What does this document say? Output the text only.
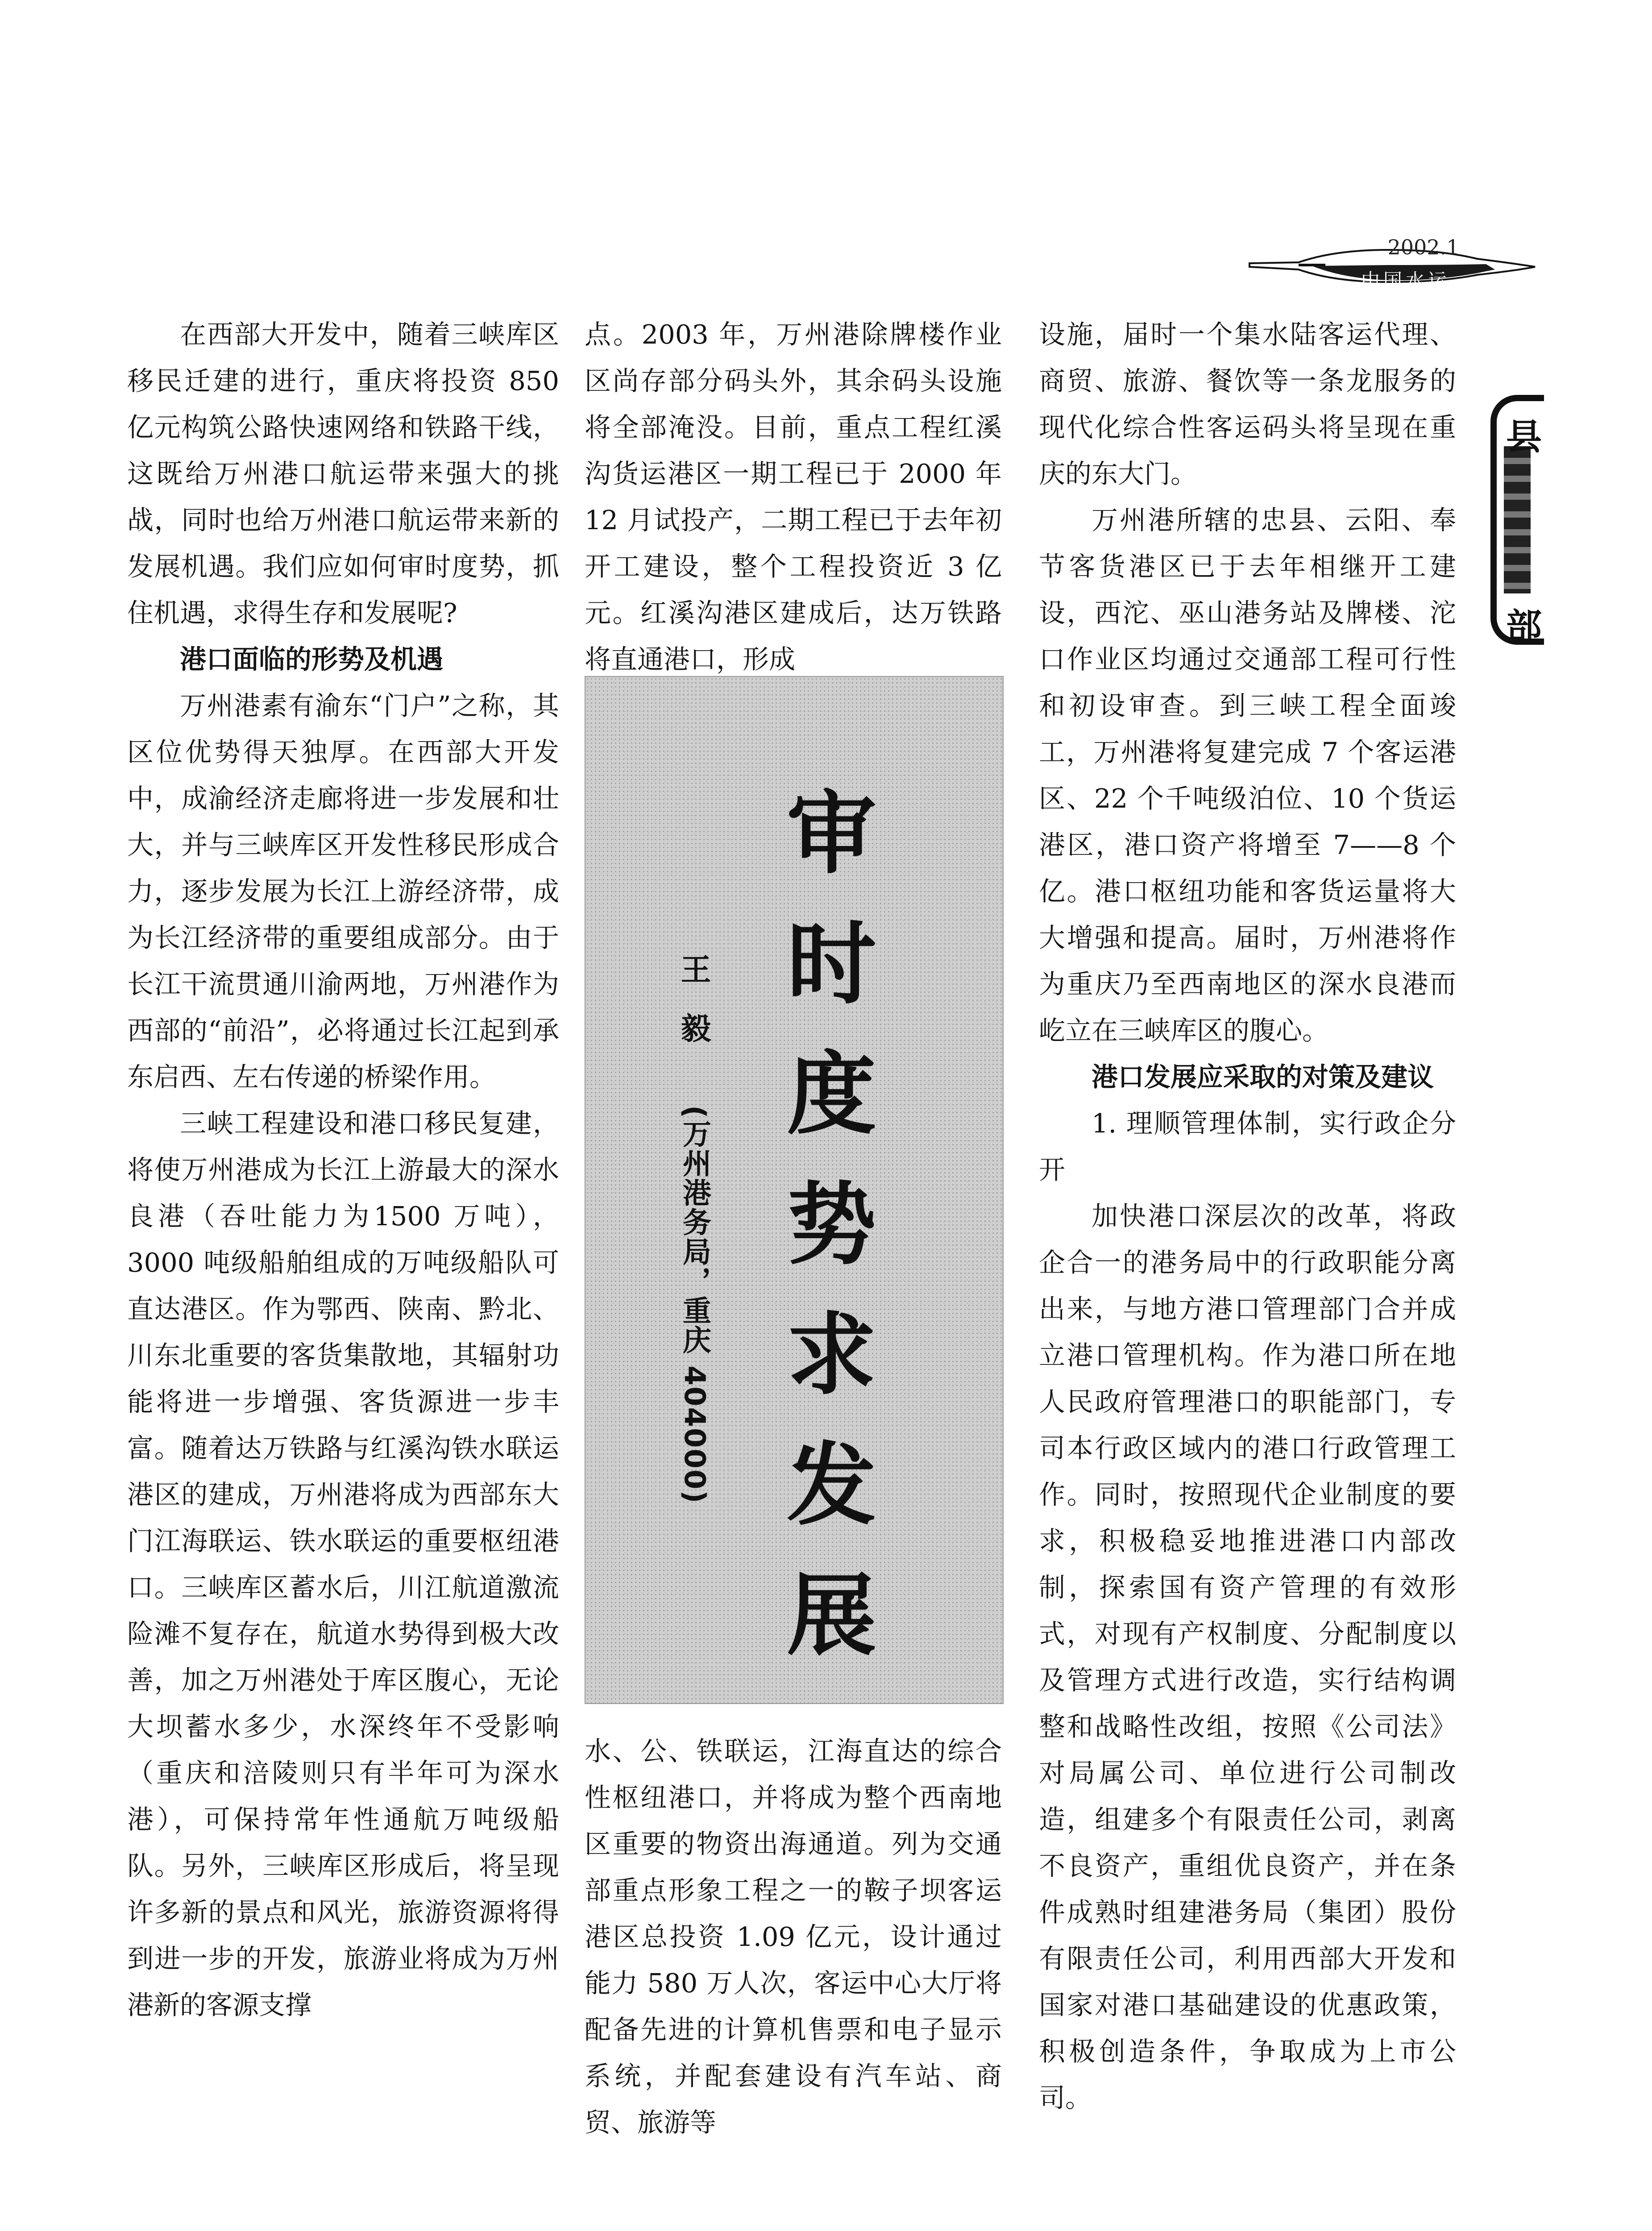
2002.1
中国水运
县
部

在西部大开发中，随着三峡库区移民迁建的进行，重庆将投资 850 亿元构筑公路快速网络和铁路干线，这既给万州港口航运带来强大的挑战，同时也给万州港口航运带来新的发展机遇。我们应如何审时度势，抓住机遇，求得生存和发展呢?

港口面临的形势及机遇

万州港素有渝东“门户”之称，其区位优势得天独厚。在西部大开发中，成渝经济走廊将进一步发展和壮大，并与三峡库区开发性移民形成合力，逐步发展为长江上游经济带，成为长江经济带的重要组成部分。由于长江干流贯通川渝两地，万州港作为西部的“前沿”，必将通过长江起到承东启西、左右传递的桥梁作用。

三峡工程建设和港口移民复建，将使万州港成为长江上游最大的深水良港（吞吐能力为1500 万吨），3000 吨级船舶组成的万吨级船队可直达港区。作为鄂西、陕南、黔北、川东北重要的客货集散地，其辐射功能将进一步增强、客货源进一步丰富。随着达万铁路与红溪沟铁水联运港区的建成，万州港将成为西部东大门江海联运、铁水联运的重要枢纽港口。三峡库区蓄水后，川江航道激流险滩不复存在，航道水势得到极大改善，加之万州港处于库区腹心，无论大坝蓄水多少，水深终年不受影响（重庆和涪陵则只有半年可为深水港），可保持常年性通航万吨级船队。另外，三峡库区形成后，将呈现许多新的景点和风光，旅游资源将得到进一步的开发，旅游业将成为万州港新的客源支撑

点。2003 年，万州港除牌楼作业区尚存部分码头外，其余码头设施将全部淹没。目前，重点工程红溪沟货运港区一期工程已于 2000 年 12 月试投产，二期工程已于去年初开工建设，整个工程投资近 3 亿元。红溪沟港区建成后，达万铁路将直通港口，形成

审时度势求发展
王毅
(万州港务局，重庆 404000)

水、公、铁联运，江海直达的综合性枢纽港口，并将成为整个西南地区重要的物资出海通道。列为交通部重点形象工程之一的鞍子坝客运港区总投资 1.09 亿元，设计通过能力 580 万人次，客运中心大厅将配备先进的计算机售票和电子显示系统，并配套建设有汽车站、商贸、旅游等

设施，届时一个集水陆客运代理、商贸、旅游、餐饮等一条龙服务的现代化综合性客运码头将呈现在重庆的东大门。

万州港所辖的忠县、云阳、奉节客货港区已于去年相继开工建设，西沱、巫山港务站及牌楼、沱口作业区均通过交通部工程可行性和初设审查。到三峡工程全面竣工，万州港将复建完成 7 个客运港区、22 个千吨级泊位、10 个货运港区，港口资产将增至 7——8 个亿。港口枢纽功能和客货运量将大大增强和提高。届时，万州港将作为重庆乃至西南地区的深水良港而屹立在三峡库区的腹心。

港口发展应采取的对策及建议

1. 理顺管理体制，实行政企分开

加快港口深层次的改革，将政企合一的港务局中的行政职能分离出来，与地方港口管理部门合并成立港口管理机构。作为港口所在地人民政府管理港口的职能部门，专司本行政区域内的港口行政管理工作。同时，按照现代企业制度的要求，积极稳妥地推进港口内部改制，探索国有资产管理的有效形式，对现有产权制度、分配制度以及管理方式进行改造，实行结构调整和战略性改组，按照《公司法》对局属公司、单位进行公司制改造，组建多个有限责任公司，剥离不良资产，重组优良资产，并在条件成熟时组建港务局（集团）股份有限责任公司，利用西部大开发和国家对港口基础建设的优惠政策，积极创造条件，争取成为上市公司。
